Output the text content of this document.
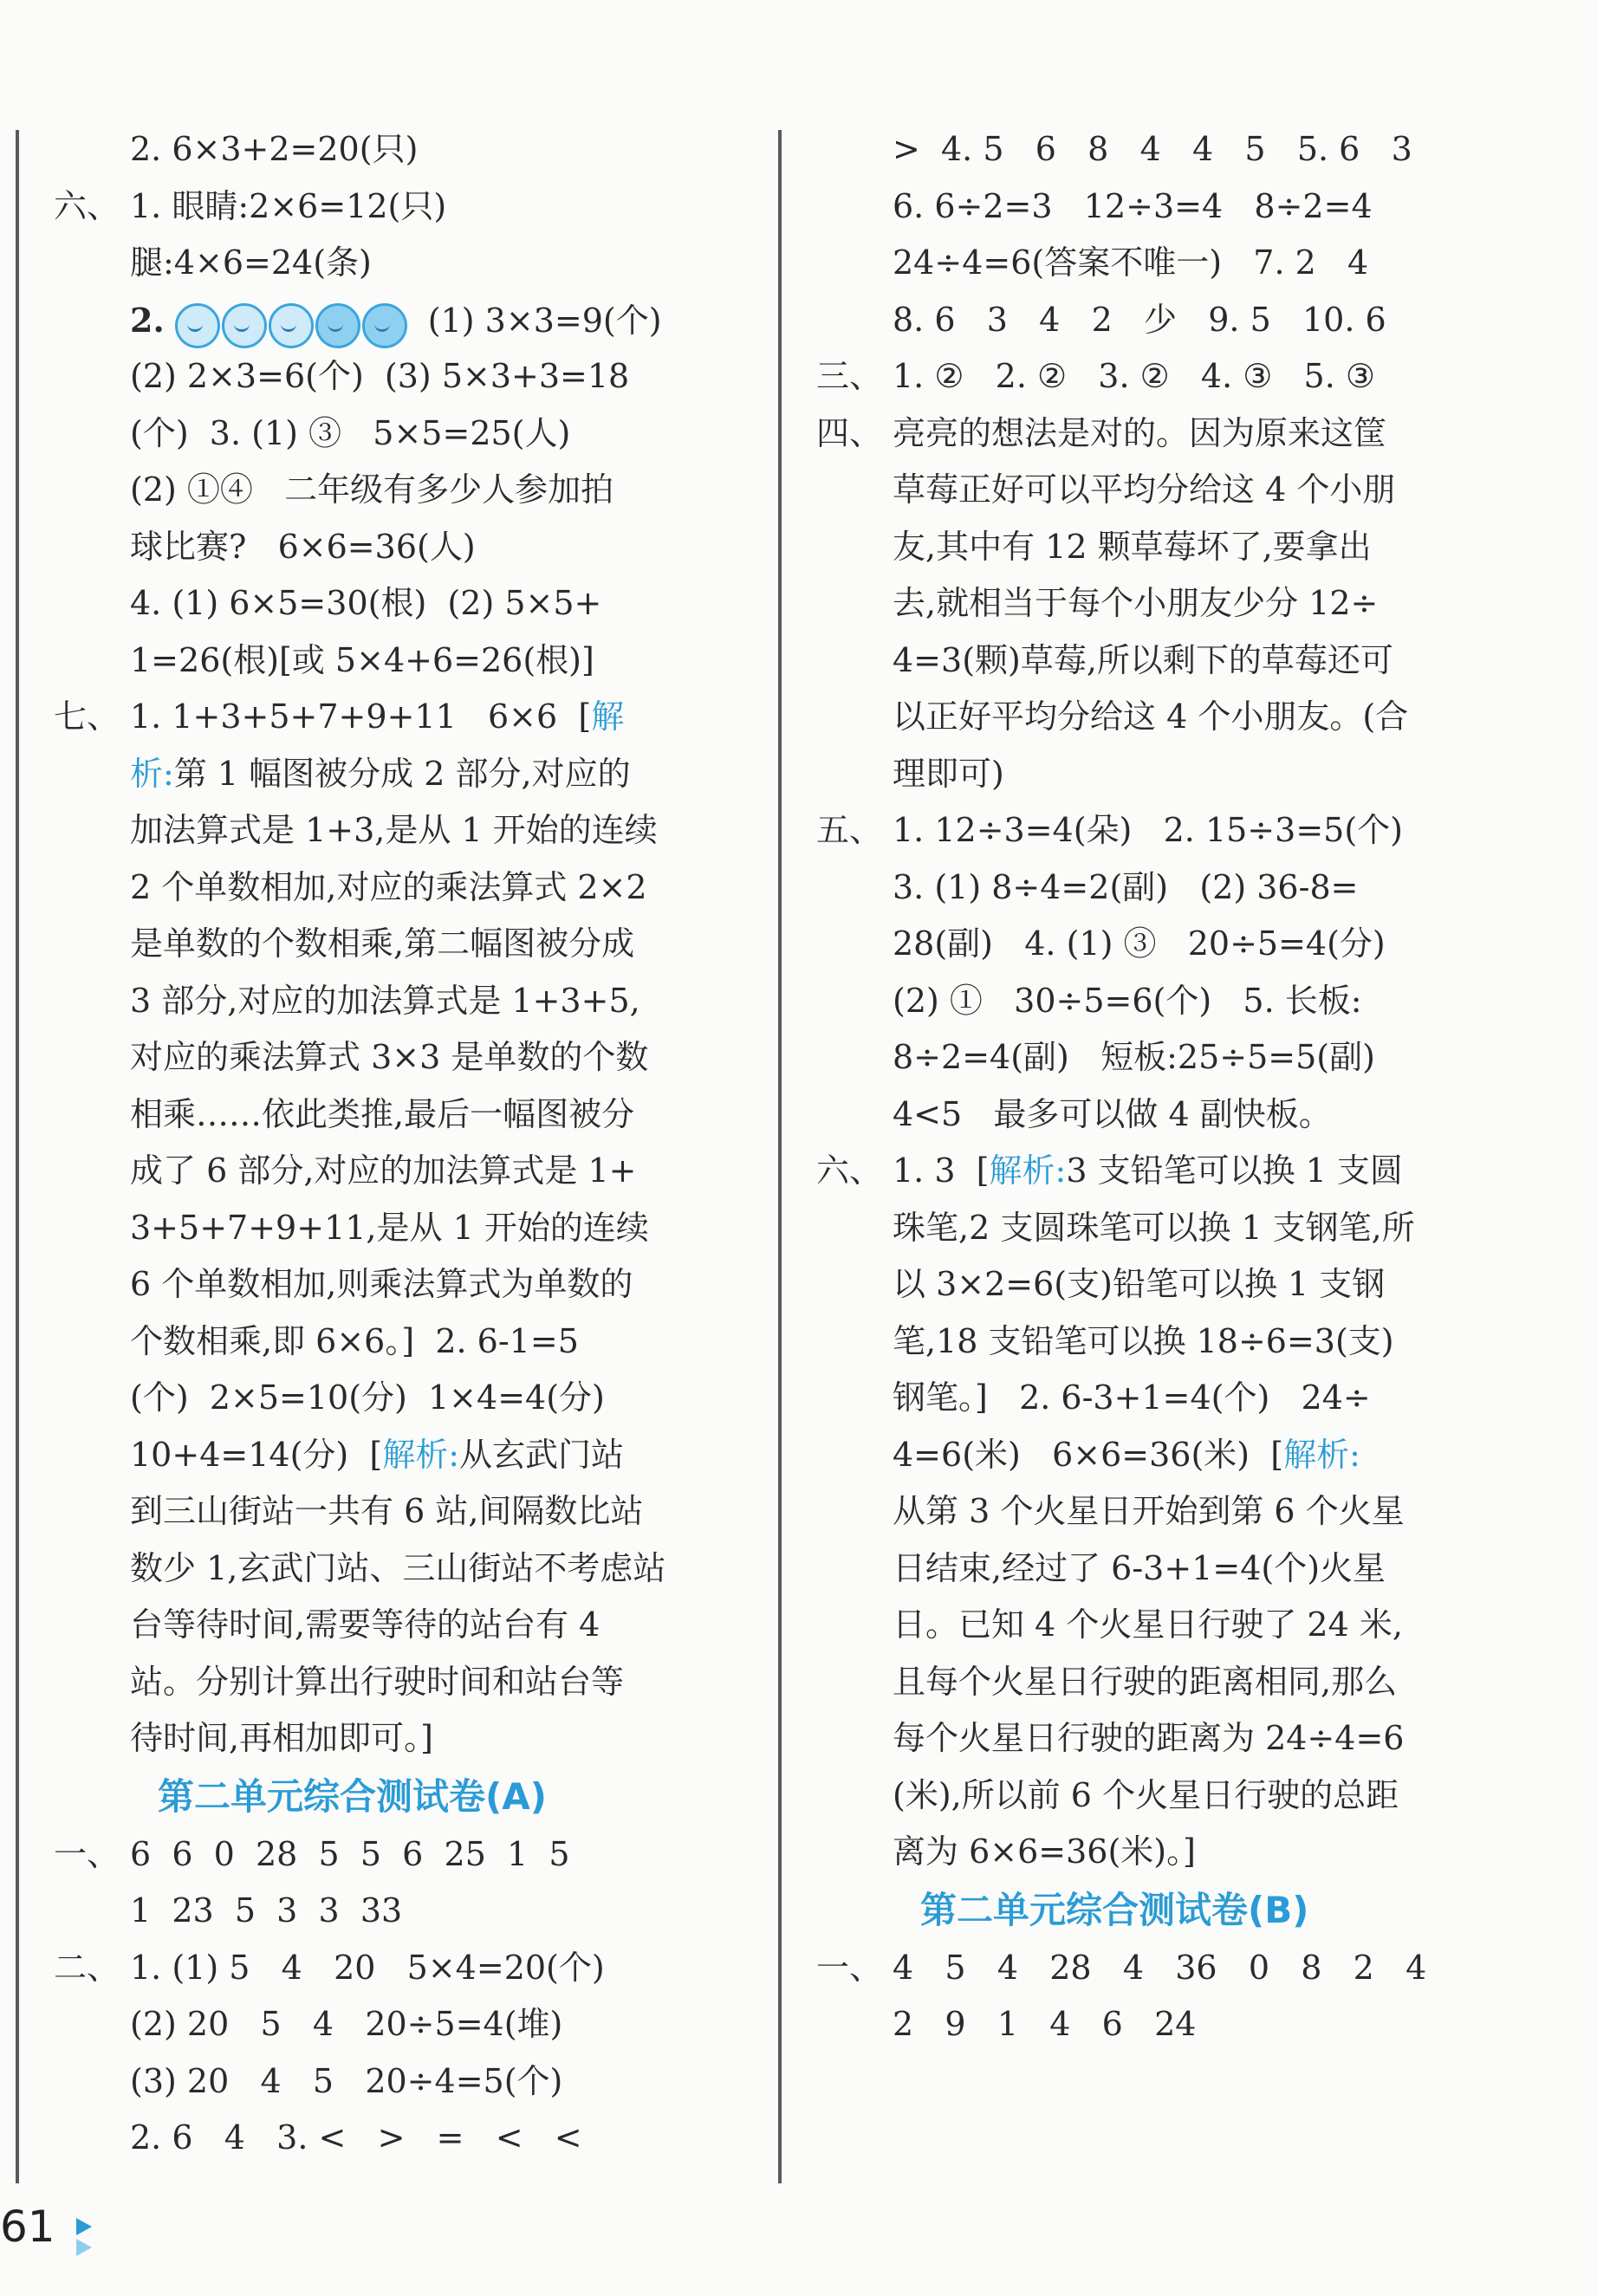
2. 6×3+2=20(只)
六、 1. 眼睛:2×6=12(只)
腿:4×6=24(条)
2.	(1) 3×3=9(个)
(2) 2×3=6(个)  (3) 5×3+3=18
(个)  3. (1) ③   5×5=25(人)
(2) ①④   二年级有多少人参加拍
球比赛?   6×6=36(人)
4. (1) 6×5=30(根)  (2) 5×5+
1=26(根)[或 5×4+6=26(根)]
七、 1. 1+3+5+7+9+11   6×6  [解
析:第 1 幅图被分成 2 部分,对应的
加法算式是 1+3,是从 1 开始的连续
2 个单数相加,对应的乘法算式 2×2
是单数的个数相乘,第二幅图被分成
3 部分,对应的加法算式是 1+3+5,
对应的乘法算式 3×3 是单数的个数
相乘……依此类推,最后一幅图被分
成了 6 部分,对应的加法算式是 1+
3+5+7+9+11,是从 1 开始的连续
6 个单数相加,则乘法算式为单数的
个数相乘,即 6×6。]  2. 6-1=5
(个)  2×5=10(分)  1×4=4(分)
10+4=14(分)  [解析:从玄武门站
到三山街站一共有 6 站,间隔数比站
数少 1,玄武门站、三山街站不考虑站
台等待时间,需要等待的站台有 4
站。分别计算出行驶时间和站台等
待时间,再相加即可。]
第二单元综合测试卷(A)
一、 6  6  0  28  5  5  6  25  1  5
1  23  5  3  3  33
二、 1. (1) 5   4   20   5×4=20(个)
(2) 20   5   4   20÷5=4(堆)
(3) 20   4   5   20÷4=5(个)
2. 6   4   3. <   >   =   <   <
>  4. 5   6   8   4   4   5   5. 6   3
6. 6÷2=3   12÷3=4   8÷2=4
24÷4=6(答案不唯一)   7. 2   4
8. 6   3   4   2   少   9. 5   10. 6
三、 1. ②   2. ②   3. ②   4. ③   5. ③
四、 亮亮的想法是对的。因为原来这筐
草莓正好可以平均分给这 4 个小朋
友,其中有 12 颗草莓坏了,要拿出
去,就相当于每个小朋友少分 12÷
4=3(颗)草莓,所以剩下的草莓还可
以正好平均分给这 4 个小朋友。(合
理即可)
五、 1. 12÷3=4(朵)   2. 15÷3=5(个)
3. (1) 8÷4=2(副)   (2) 36-8=
28(副)   4. (1) ③   20÷5=4(分)
(2) ①   30÷5=6(个)   5. 长板:
8÷2=4(副)   短板:25÷5=5(副)
4<5   最多可以做 4 副快板。
六、 1. 3  [解析:3 支铅笔可以换 1 支圆
珠笔,2 支圆珠笔可以换 1 支钢笔,所
以 3×2=6(支)铅笔可以换 1 支钢
笔,18 支铅笔可以换 18÷6=3(支)
钢笔。]   2. 6-3+1=4(个)   24÷
4=6(米)   6×6=36(米)  [解析:
从第 3 个火星日开始到第 6 个火星
日结束,经过了 6-3+1=4(个)火星
日。已知 4 个火星日行驶了 24 米,
且每个火星日行驶的距离相同,那么
每个火星日行驶的距离为 24÷4=6
(米),所以前 6 个火星日行驶的总距
离为 6×6=36(米)。]
第二单元综合测试卷(B)
一、 4   5   4   28   4   36   0   8   2   4
2   9   1   4   6   24
61
